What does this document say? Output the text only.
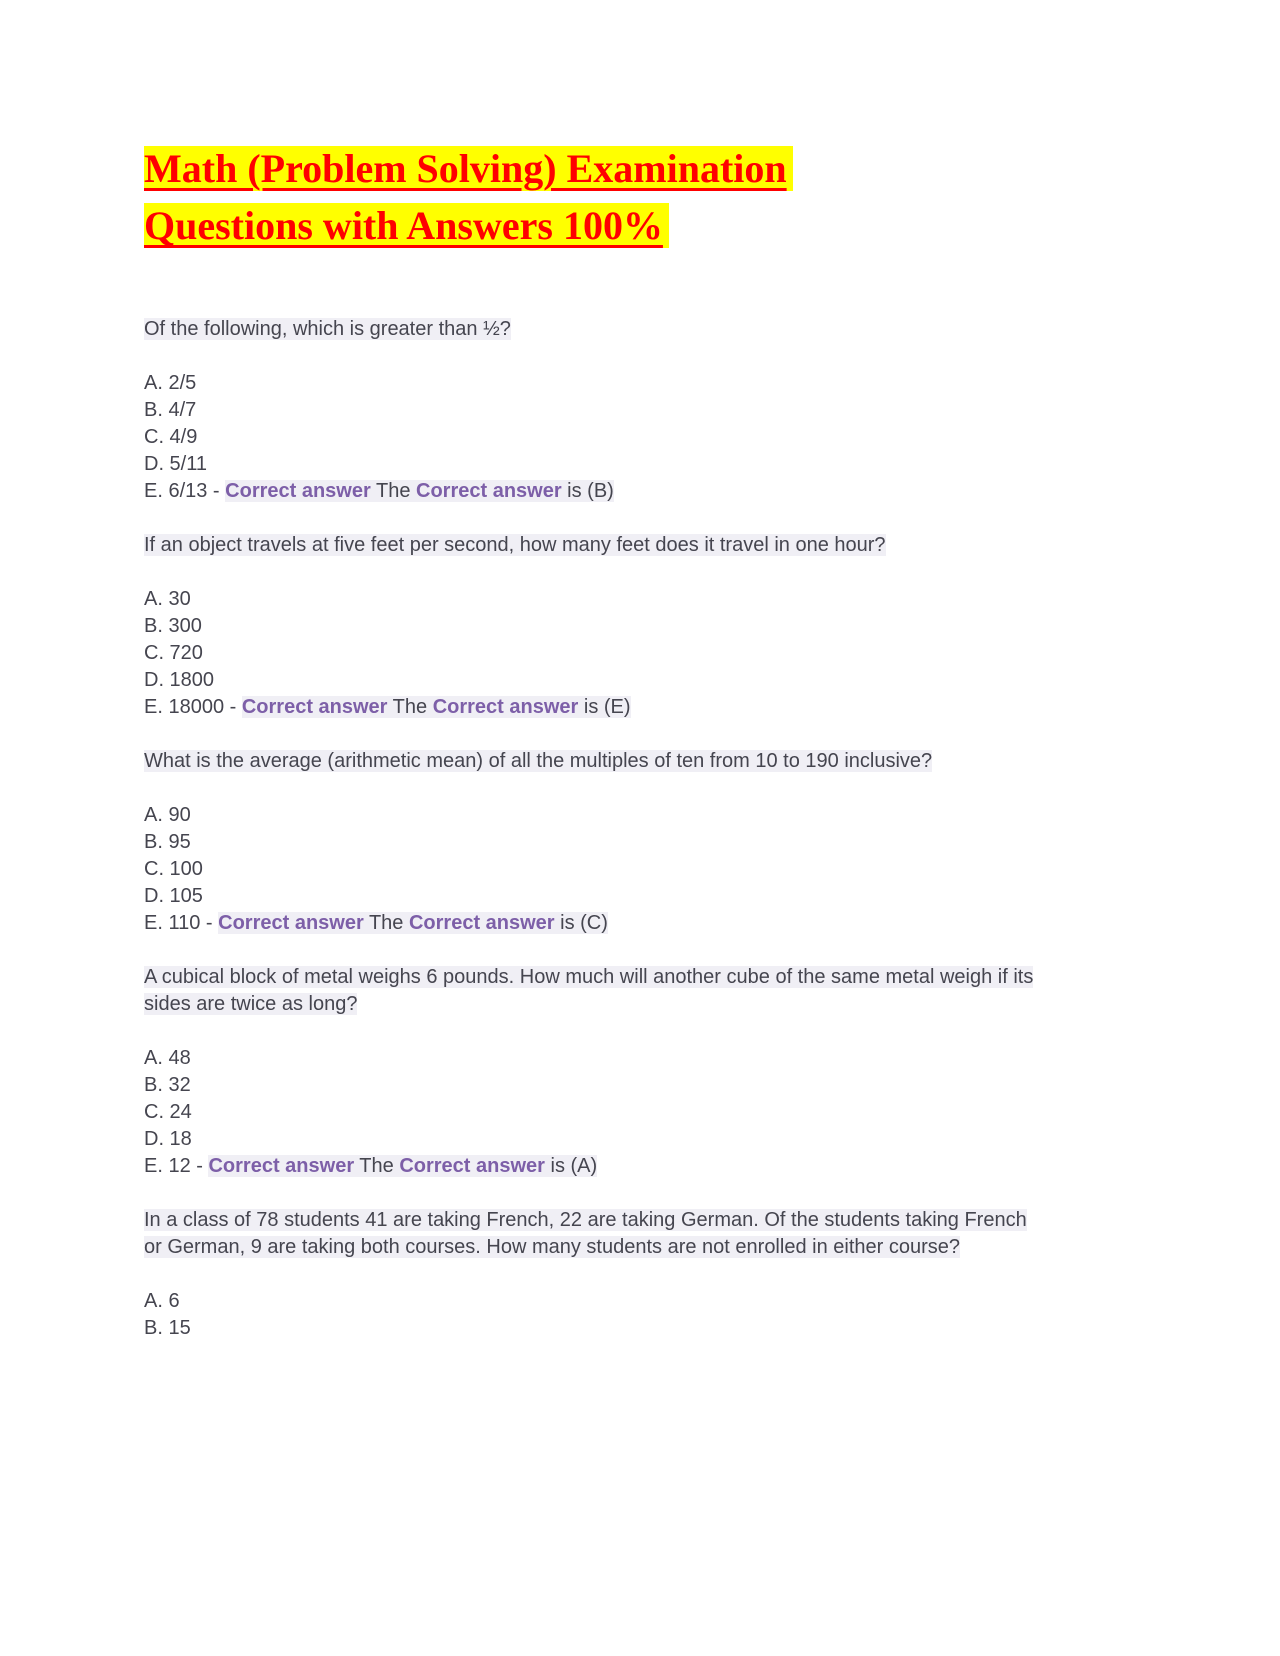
Math (Problem Solving) Examination
Questions with Answers 100%

Of the following, which is greater than ½?

A. 2/5
B. 4/7
C. 4/9
D. 5/11
E. 6/13 - Correct answer The Correct answer is (B)

If an object travels at five feet per second, how many feet does it travel in one hour?

A. 30
B. 300
C. 720
D. 1800
E. 18000 - Correct answer The Correct answer is (E)

What is the average (arithmetic mean) of all the multiples of ten from 10 to 190 inclusive?

A. 90
B. 95
C. 100
D. 105
E. 110 - Correct answer The Correct answer is (C)

A cubical block of metal weighs 6 pounds. How much will another cube of the same metal weigh if its sides are twice as long?

A. 48
B. 32
C. 24
D. 18
E. 12 - Correct answer The Correct answer is (A)

In a class of 78 students 41 are taking French, 22 are taking German. Of the students taking French or German, 9 are taking both courses. How many students are not enrolled in either course?

A. 6
B. 15
